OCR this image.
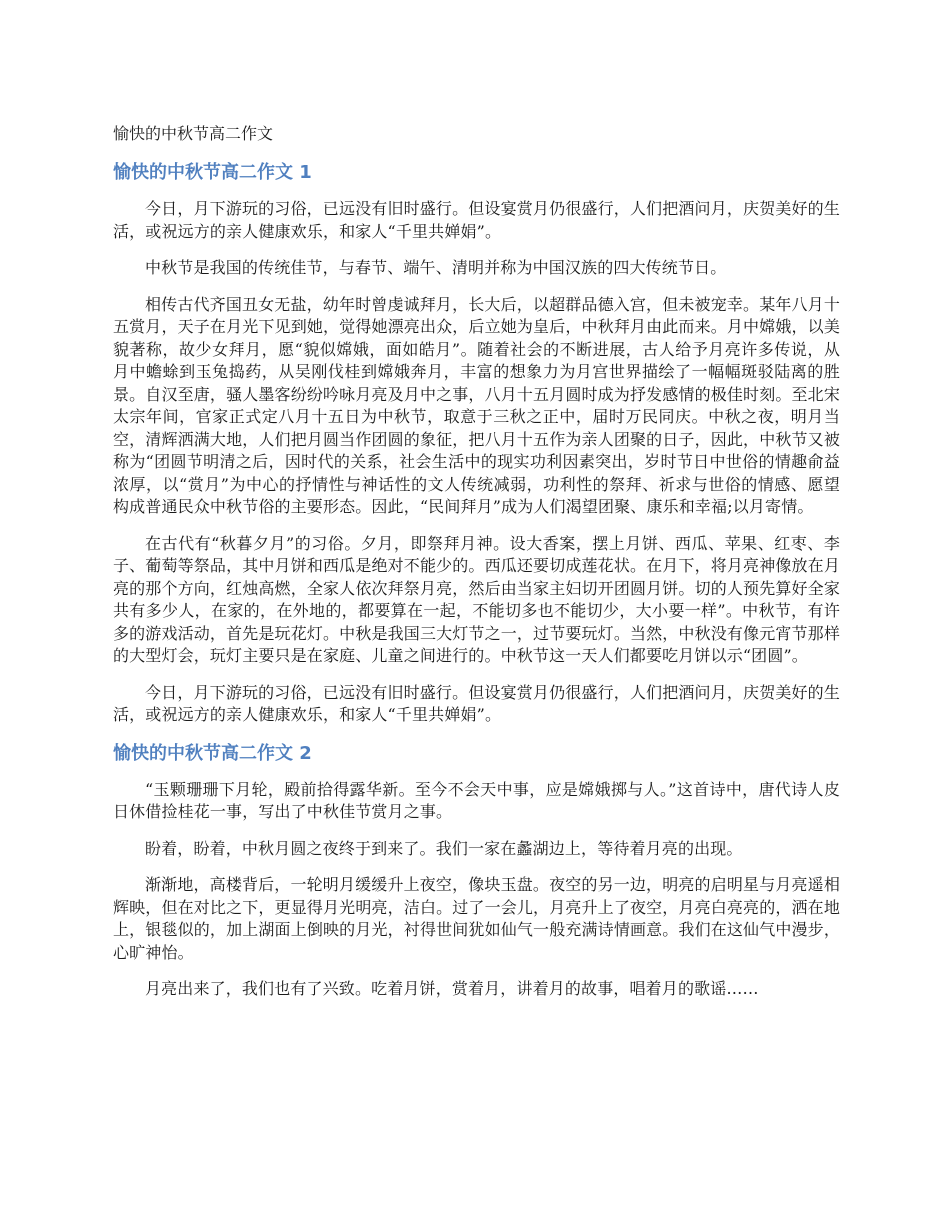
愉快的中秋节高二作文
愉快的中秋节高二作文 1

今日，月下游玩的习俗，已远没有旧时盛行。但设宴赏月仍很盛行，人们把酒问月，庆贺美好的生活，或祝远方的亲人健康欢乐，和家人“千里共婵娟”。

中秋节是我国的传统佳节，与春节、端午、清明并称为中国汉族的四大传统节日。

相传古代齐国丑女无盐，幼年时曾虔诚拜月，长大后，以超群品德入宫，但未被宠幸。某年八月十五赏月，天子在月光下见到她，觉得她漂亮出众，后立她为皇后，中秋拜月由此而来。月中嫦娥，以美貌著称，故少女拜月，愿“貌似嫦娥，面如皓月”。随着社会的不断进展，古人给予月亮许多传说，从月中蟾蜍到玉兔捣药，从吴刚伐桂到嫦娥奔月，丰富的想象力为月宫世界描绘了一幅幅斑驳陆离的胜景。自汉至唐，骚人墨客纷纷吟咏月亮及月中之事，八月十五月圆时成为抒发感情的极佳时刻。至北宋太宗年间，官家正式定八月十五日为中秋节，取意于三秋之正中，届时万民同庆。中秋之夜，明月当空，清辉洒满大地，人们把月圆当作团圆的象征，把八月十五作为亲人团聚的日子，因此，中秋节又被称为“团圆节明清之后，因时代的关系，社会生活中的现实功利因素突出，岁时节日中世俗的情趣俞益浓厚，以“赏月”为中心的抒情性与神话性的文人传统减弱，功利性的祭拜、祈求与世俗的情感、愿望构成普通民众中秋节俗的主要形态。因此，“民间拜月”成为人们渴望团聚、康乐和幸福;以月寄情。

在古代有“秋暮夕月”的习俗。夕月，即祭拜月神。设大香案，摆上月饼、西瓜、苹果、红枣、李子、葡萄等祭品，其中月饼和西瓜是绝对不能少的。西瓜还要切成莲花状。在月下，将月亮神像放在月亮的那个方向，红烛高燃，全家人依次拜祭月亮，然后由当家主妇切开团圆月饼。切的人预先算好全家共有多少人，在家的，在外地的，都要算在一起，不能切多也不能切少，大小要一样”。中秋节，有许多的游戏活动，首先是玩花灯。中秋是我国三大灯节之一，过节要玩灯。当然，中秋没有像元宵节那样的大型灯会，玩灯主要只是在家庭、儿童之间进行的。中秋节这一天人们都要吃月饼以示“团圆”。

今日，月下游玩的习俗，已远没有旧时盛行。但设宴赏月仍很盛行，人们把酒问月，庆贺美好的生活，或祝远方的亲人健康欢乐，和家人“千里共婵娟”。

愉快的中秋节高二作文 2

“玉颗珊珊下月轮，殿前拾得露华新。至今不会天中事，应是嫦娥掷与人。”这首诗中，唐代诗人皮日休借捡桂花一事，写出了中秋佳节赏月之事。

盼着，盼着，中秋月圆之夜终于到来了。我们一家在蠡湖边上，等待着月亮的出现。

渐渐地，高楼背后，一轮明月缓缓升上夜空，像块玉盘。夜空的另一边，明亮的启明星与月亮遥相辉映，但在对比之下，更显得月光明亮，洁白。过了一会儿，月亮升上了夜空，月亮白亮亮的，洒在地上，银毯似的，加上湖面上倒映的月光，衬得世间犹如仙气一般充满诗情画意。我们在这仙气中漫步，心旷神怡。

月亮出来了，我们也有了兴致。吃着月饼，赏着月，讲着月的故事，唱着月的歌谣……
